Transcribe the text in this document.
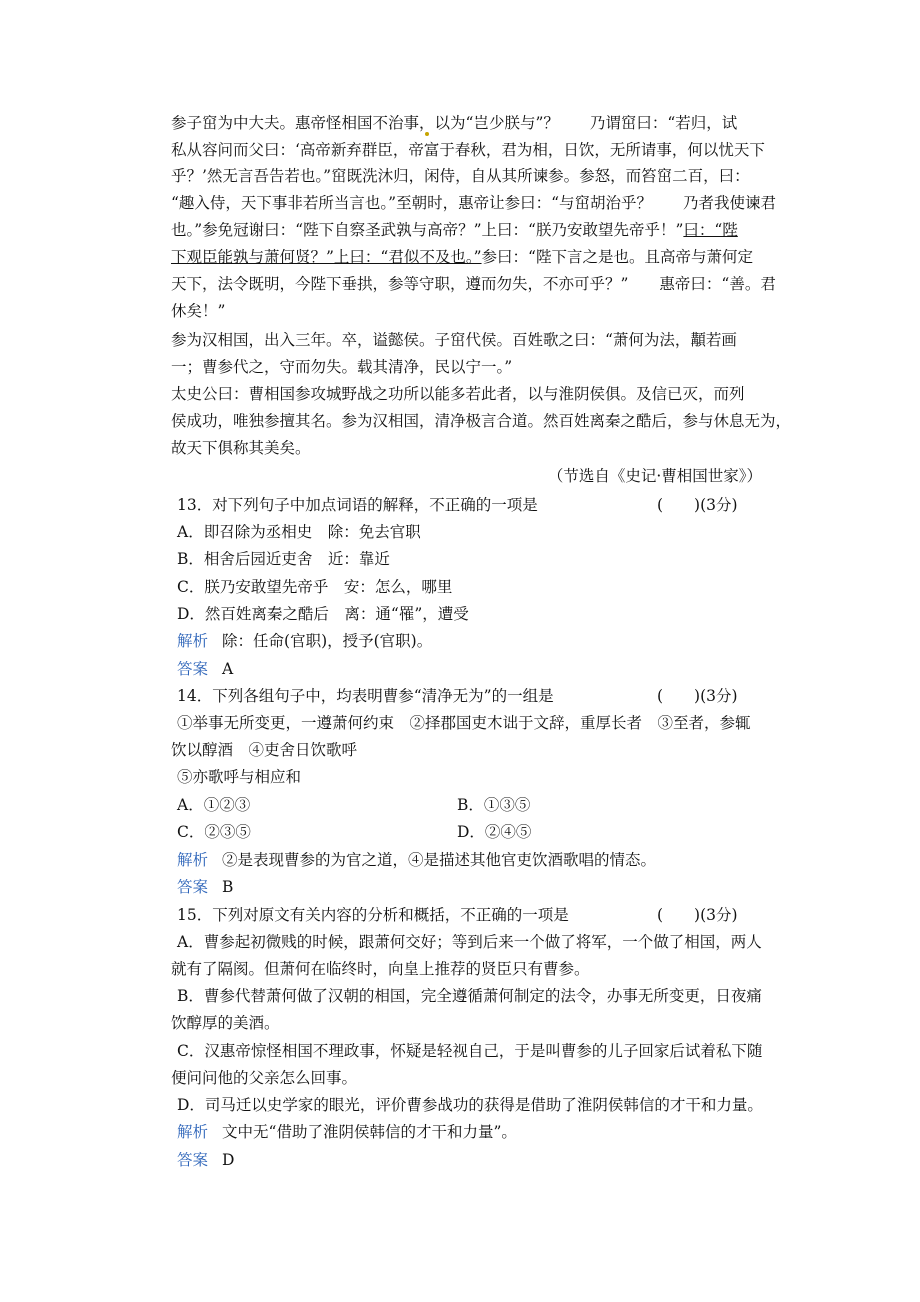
参子窋为中大夫。惠帝怪相国不治事，以为“岂少朕与”？　　乃谓窋曰：“若归，试
私从容问而父曰：‘高帝新弃群臣，帝富于春秋，君为相，日饮，无所请事，何以忧天下
乎？’然无言吾告若也。”窋既洗沐归，闲侍，自从其所谏参。参怒，而笞窋二百，曰：
“趣入侍，天下事非若所当言也。”至朝时，惠帝让参曰：“与窋胡治乎？　　乃者我使谏君
也。”参免冠谢曰：“陛下自察圣武孰与高帝？”上曰：“朕乃安敢望先帝乎！”曰：“陛
下观臣能孰与萧何贤？”上曰：“君似不及也。”参曰：“陛下言之是也。且高帝与萧何定
天下，法令既明，今陛下垂拱，参等守职，遵而勿失，不亦可乎？”　　惠帝曰：“善。君
休矣！”
参为汉相国，出入三年。卒，谥懿侯。子窋代侯。百姓歌之曰：“萧何为法，顜若画
一；曹参代之，守而勿失。载其清净，民以宁一。”
太史公曰：曹相国参攻城野战之功所以能多若此者，以与淮阴侯俱。及信已灭，而列
侯成功，唯独参擅其名。参为汉相国，清净极言合道。然百姓离秦之酷后，参与休息无为，
故天下俱称其美矣。
（节选自《史记·曹相国世家》）
13．对下列句子中加点词语的解释，不正确的一项是	(　　)(3分)
A．即召除为丞相史　除：免去官职
B．相舍后园近吏舍　近：靠近
C．朕乃安敢望先帝乎　安：怎么，哪里
D．然百姓离秦之酷后　离：通“罹”，遭受
解析 除：任命(官职)，授予(官职)。
答案 A
14．下列各组句子中，均表明曹参“清净无为”的一组是	(　　)(3分)
①举事无所变更，一遵萧何约束　②择郡国吏木诎于文辞，重厚长者　③至者，参辄
饮以醇酒　④吏舍日饮歌呼
⑤亦歌呼与相应和
A．①②③	B．①③⑤
C．②③⑤	D．②④⑤
解析 ②是表现曹参的为官之道，④是描述其他官吏饮酒歌唱的情态。
答案 B
15．下列对原文有关内容的分析和概括，不正确的一项是	(　　)(3分)
A．曹参起初微贱的时候，跟萧何交好；等到后来一个做了将军，一个做了相国，两人
就有了隔阂。但萧何在临终时，向皇上推荐的贤臣只有曹参。
B．曹参代替萧何做了汉朝的相国，完全遵循萧何制定的法令，办事无所变更，日夜痛
饮醇厚的美酒。
C．汉惠帝惊怪相国不理政事，怀疑是轻视自己，于是叫曹参的儿子回家后试着私下随
便问问他的父亲怎么回事。
D．司马迁以史学家的眼光，评价曹参战功的获得是借助了淮阴侯韩信的才干和力量。
解析 文中无“借助了淮阴侯韩信的才干和力量”。
答案 D
